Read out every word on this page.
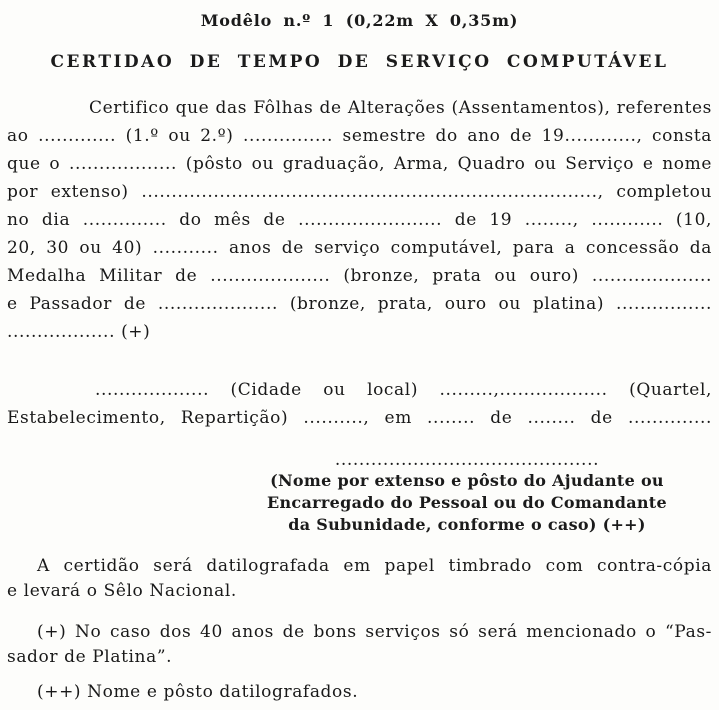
Modêlo n.º 1 (0,22m X 0,35m)
CERTIDAO DE TEMPO DE SERVIÇO COMPUTÁVEL
Certifico que das Fôlhas de Alterações (Assentamentos), referentes
ao ............. (1.º ou 2.º) ............... semestre do ano de 19............, consta
que o .................. (pôsto ou graduação, Arma, Quadro ou Serviço e nome
por extenso) ............................................................................, completou
no dia .............. do mês de ........................ de 19 ........, ............ (10,
20, 30 ou 40) ........... anos de serviço computável, para a concessão da
Medalha Militar de .................... (bronze, prata ou ouro) ....................
e Passador de .................... (bronze, prata, ouro ou platina) ................
.................. (+)
................... (Cidade ou local) .........,.................. (Quartel,
Estabelecimento, Repartição) .........., em ........ de ........ de ..............
............................................
(Nome por extenso e pôsto do Ajudante ou
Encarregado do Pessoal ou do Comandante
da Subunidade, conforme o caso) (++)
A certidão será datilografada em papel timbrado com contra-cópia
e levará o Sêlo Nacional.
(+) No caso dos 40 anos de bons serviços só será mencionado o “Pas-
sador de Platina”.
(++) Nome e pôsto datilografados.
